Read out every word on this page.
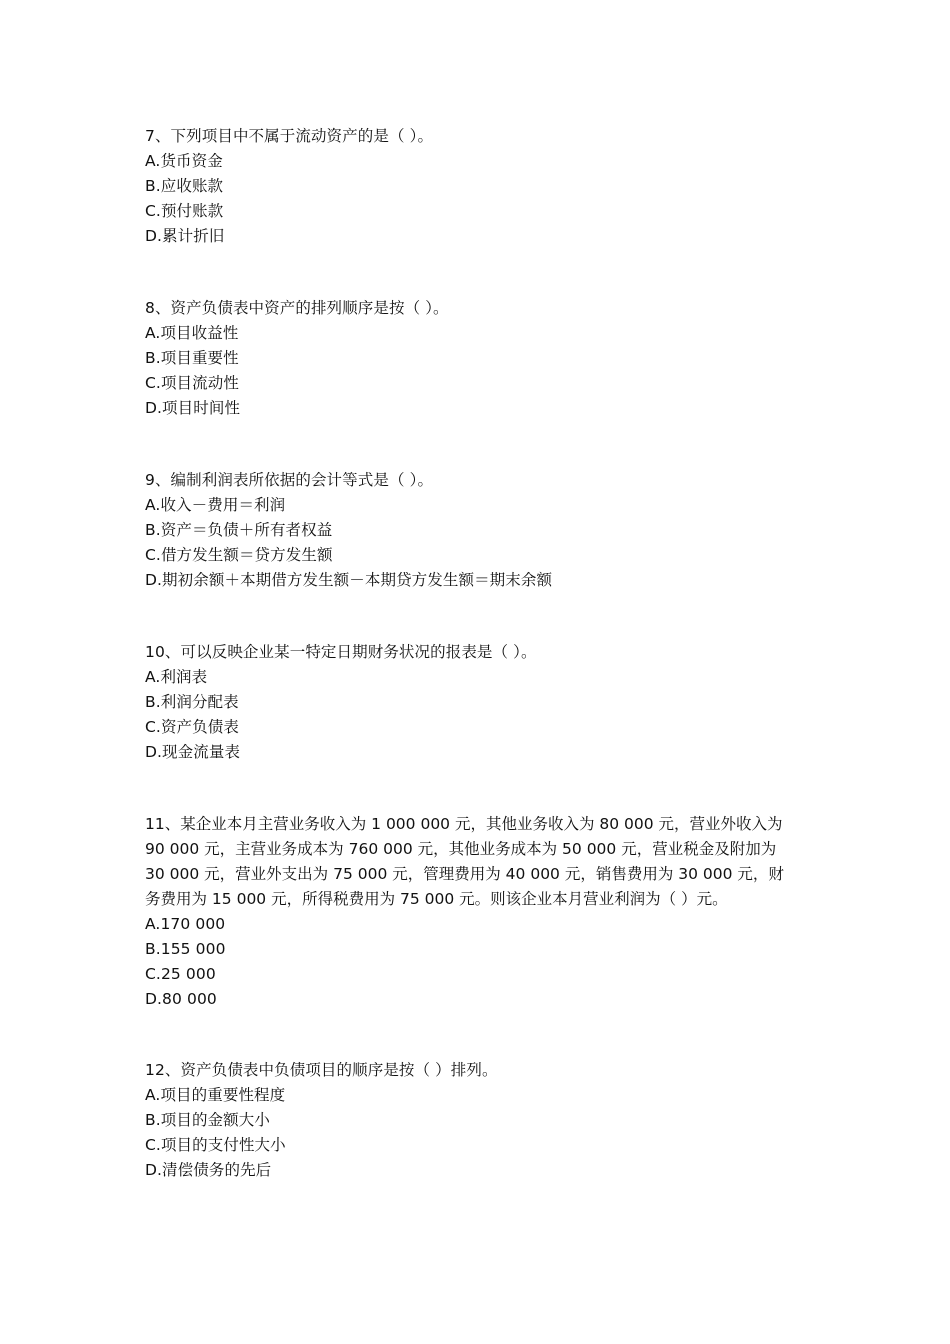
7、下列项目中不属于流动资产的是（ ）。
A.货币资金
B.应收账款
C.预付账款
D.累计折旧
8、资产负债表中资产的排列顺序是按（ ）。
A.项目收益性
B.项目重要性
C.项目流动性
D.项目时间性
9、编制利润表所依据的会计等式是（ ）。
A.收入－费用＝利润
B.资产＝负债＋所有者权益
C.借方发生额＝贷方发生额
D.期初余额＋本期借方发生额－本期贷方发生额＝期末余额
10、可以反映企业某一特定日期财务状况的报表是（ ）。
A.利润表
B.利润分配表
C.资产负债表
D.现金流量表
11、某企业本月主营业务收入为 1 000 000 元，其他业务收入为 80 000 元，营业外收入为
90 000 元，主营业务成本为 760 000 元，其他业务成本为 50 000 元，营业税金及附加为
30 000 元，营业外支出为 75 000 元，管理费用为 40 000 元，销售费用为 30 000 元，财
务费用为 15 000 元，所得税费用为 75 000 元。则该企业本月营业利润为（ ）元。
A.170 000
B.155 000
C.25 000
D.80 000
12、资产负债表中负债项目的顺序是按（ ）排列。
A.项目的重要性程度
B.项目的金额大小
C.项目的支付性大小
D.清偿债务的先后
